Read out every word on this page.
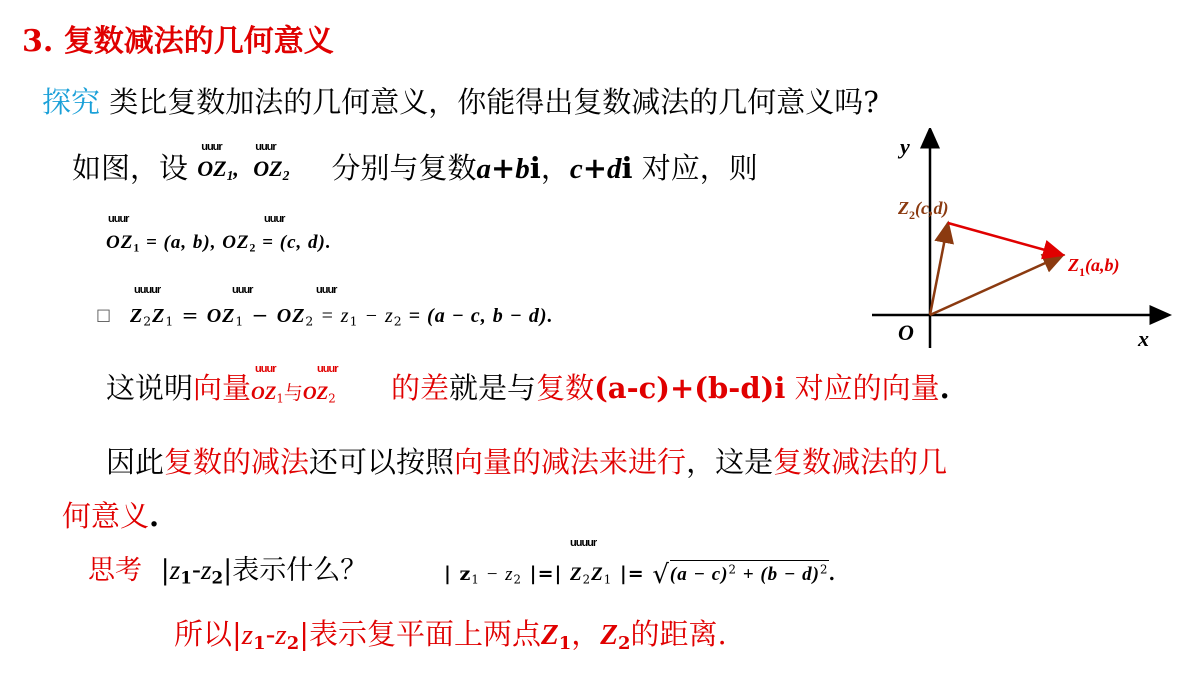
3. 复数减法的几何意义
探究 类比复数加法的几何意义，你能得出复数减法的几何意义吗?
如图，设
uuur	uuur
$OZ_1$, $OZ_2$ 分别与复数a+bi，c+di 对应，则
uuur	uuur
$OZ_1 = (a$, b), $OZ_2 = (c$, d).
□
uuuur	uuur	uuur
$Z_2Z_1 = OZ_1 - OZ_2 = z_1 - z_2 = (a - c$, b − d).
这说明向量
uuur	uuur
$OZ_1$与$OZ_2$ 的差就是与复数(a-c)+(b-d)i 对应的向量.
因此复数的减法还可以按照向量的减法来进行，这是复数减法的几
何意义.
思考 $|z_1-z_2|$表示什么？
uuuur
| $z_1 - z_2$ |=| $Z_2Z_1$ |= $√(a - c)^2 + (b - d)^2$.
所以$|z_1-z_2|$表示复平面上两点$Z_1$，$Z_2$的距离.
y
x
O
$Z_2(c,d)$
$Z_1(a,b)$
